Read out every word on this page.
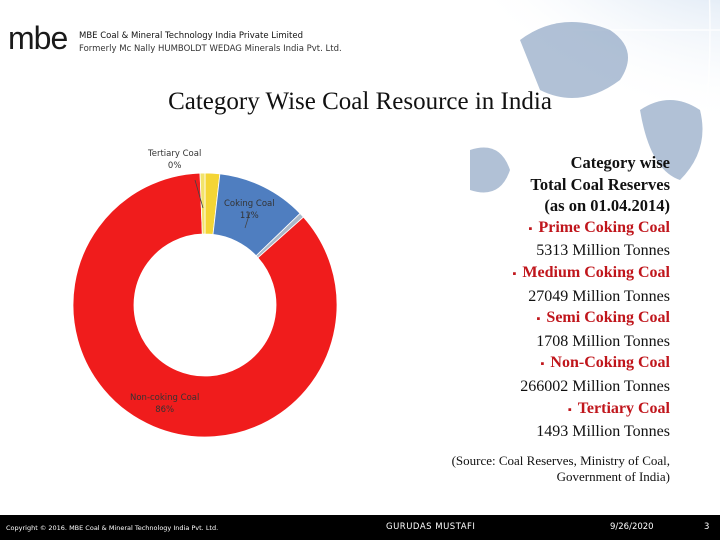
mbe MBE Coal & Mineral Technology India Private Limited
Formerly Mc Nally HUMBOLDT WEDAG Minerals India Pvt. Ltd.
Category Wise Coal Resource in India
Tertiary Coal
0%
Coking Coal
11%
Non-coking Coal
86%
Category wise
Total Coal Reserves
(as on 01.04.2014)
▪ Prime Coking Coal
5313 Million Tonnes
▪ Medium Coking Coal
27049 Million Tonnes
▪ Semi Coking Coal
1708 Million Tonnes
▪ Non-Coking Coal
266002 Million Tonnes
▪ Tertiary Coal
1493 Million Tonnes
(Source: Coal Reserves, Ministry of Coal,
Government of India)
Copyright © 2016. MBE Coal & Mineral Technology India Pvt. Ltd.	GURUDAS MUSTAFI	9/26/2020	3
